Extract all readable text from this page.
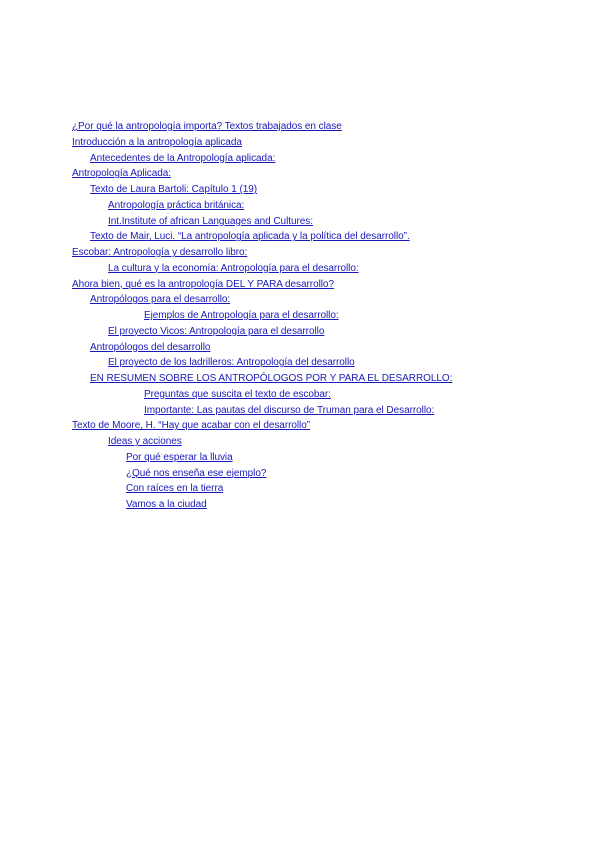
¿Por qué la antropología importa? Textos trabajados en clase
Introducción a la antropología aplicada
Antecedentes de la Antropología aplicada:
Antropología Aplicada:
Texto de Laura Bartoli: Capítulo 1 (19)
Antropología práctica británica:
Int.Institute of african Languages and Cultures:
Texto de Mair, Luci. “La antropología aplicada y la política del desarrollo”.
Escobar: Antropología y desarrollo libro:
La cultura y la economía: Antropología para el desarrollo:
Ahora bien, qué es la antropología DEL Y PARA desarrollo?
Antropólogos para el desarrollo:
Ejemplos de Antropología para el desarrollo:
El proyecto Vicos: Antropología para el desarrollo
Antropólogos del desarrollo
El proyecto de los ladrilleros: Antropología del desarrollo
EN RESUMEN SOBRE LOS ANTROPÓLOGOS POR Y PARA EL DESARROLLO:
Preguntas que suscita el texto de escobar:
Importante: Las pautas del discurso de Truman para el Desarrollo:
Texto de Moore, H. “Hay que acabar con el desarrollo”
Ideas y acciones
Por qué esperar la lluvia
¿Qué nos enseña ese ejemplo?
Con raíces en la tierra
Vamos a la ciudad
